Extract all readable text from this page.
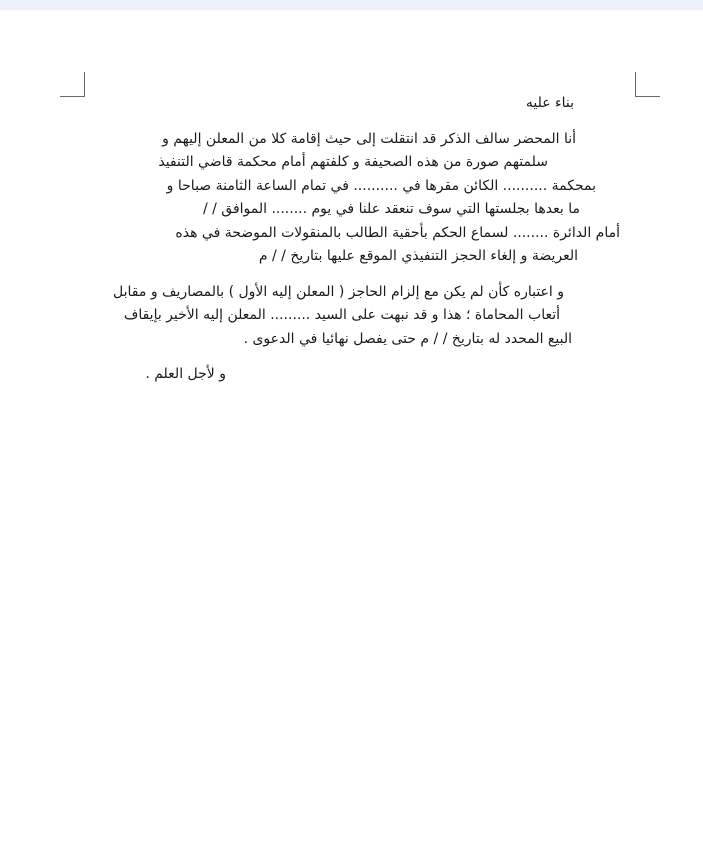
بناء عليه

أنا المحضر سالف الذكر قد انتقلت إلى حيث إقامة كلا من المعلن إليهم و
سلمتهم صورة من هذه الصحيفة و كلفتهم أمام محكمة قاضي التنفيذ
بمحكمة .......... الكائن مقرها في .......... في تمام الساعة الثامنة صباحا و
ما بعدها بجلستها التي سوف تنعقد علنا في يوم ........ الموافق / /
أمام الدائرة ........ لسماع الحكم بأحقية الطالب بالمنقولات الموضحة في هذه
العريضة و إلغاء الحجز التنفيذي الموقع عليها بتاريخ / / م

و اعتباره كأن لم يكن مع إلزام الحاجز ( المعلن إليه الأول ) بالمصاريف و مقابل
أتعاب المحاماة ؛ هذا و قد نبهت على السيد ......... المعلن إليه الأخير بإيقاف
البيع المحدد له بتاريخ / / م حتى يفصل نهائيا في الدعوى .

و لأجل العلم .
